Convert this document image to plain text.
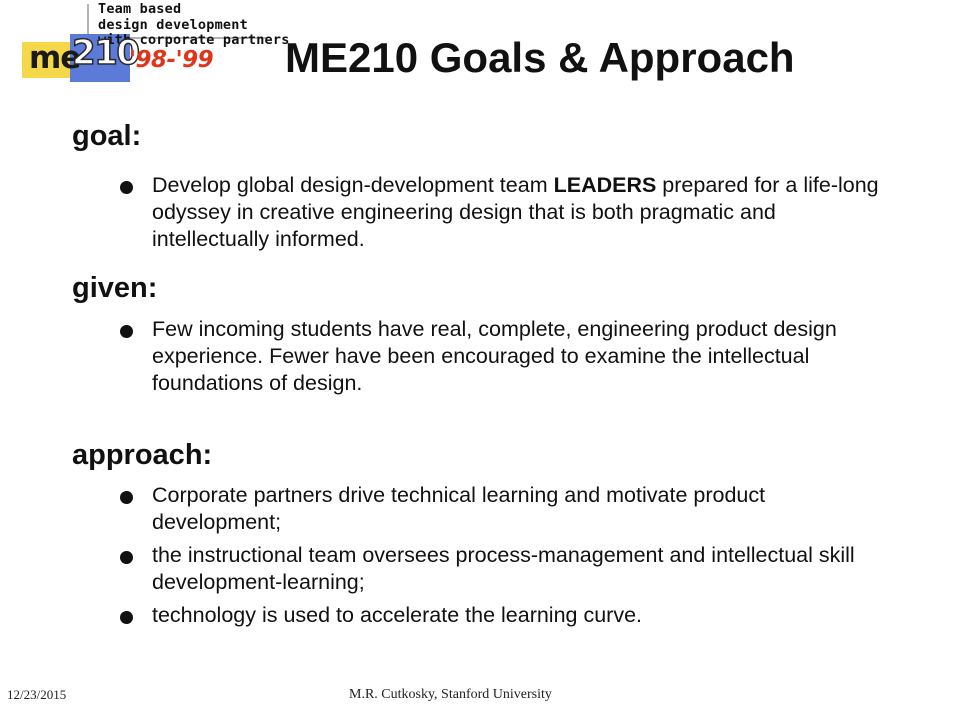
Team based
design development
with corporate partners
me
210
'98-'99 ME210 Goals & Approach
goal:

Develop global design-development team LEADERS prepared for a life-long odyssey in creative engineering design that is both pragmatic and intellectually informed.

given:

Few incoming students have real, complete, engineering product design experience. Fewer have been encouraged to examine the intellectual foundations of design.

approach:

Corporate partners drive technical learning and motivate product development;

the instructional team oversees process-management and intellectual skill development-learning;

technology is used to accelerate the learning curve.

12/23/2015	M.R. Cutkosky, Stanford University
